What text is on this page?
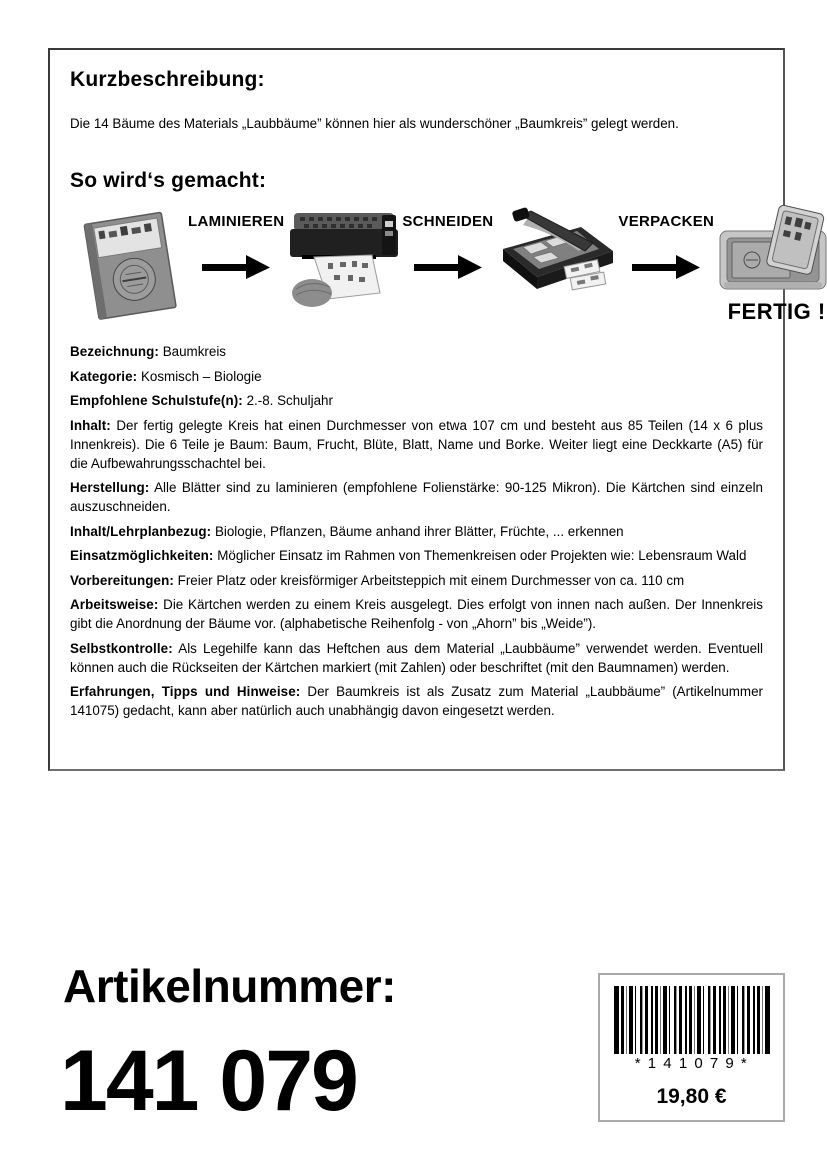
Kurzbeschreibung:

Die 14 Bäume des Materials „Laubbäume” können hier als wunderschöner „Baumkreis” gelegt werden.

So wird‘s gemacht:
LAMINIEREN	SCHNEIDEN	VERPACKEN
FERTIG !

Bezeichnung: Baumkreis

Kategorie: Kosmisch – Biologie

Empfohlene Schulstufe(n): 2.-8. Schuljahr

Inhalt: Der fertig gelegte Kreis hat einen Durchmesser von etwa 107 cm und besteht aus 85 Teilen (14 x 6 plus Innenkreis). Die 6 Teile je Baum: Baum, Frucht, Blüte, Blatt, Name und Borke. Weiter liegt eine Deckkarte (A5) für die Aufbewahrungsschachtel bei.

Herstellung: Alle Blätter sind zu laminieren (empfohlene Folienstärke: 90-125 Mikron). Die Kärtchen sind einzeln auszuschneiden.

Inhalt/Lehrplanbezug: Biologie, Pflanzen, Bäume anhand ihrer Blätter, Früchte, ... erkennen

Einsatzmöglichkeiten: Möglicher Einsatz im Rahmen von Themenkreisen oder Projekten wie: Lebensraum Wald

Vorbereitungen: Freier Platz oder kreisförmiger Arbeitsteppich mit einem Durchmesser von ca. 110 cm

Arbeitsweise: Die Kärtchen werden zu einem Kreis ausgelegt. Dies erfolgt von innen nach außen. Der Innenkreis gibt die Anordnung der Bäume vor. (alphabetische Reihenfolg - von „Ahorn” bis „Weide”).

Selbstkontrolle: Als Legehilfe kann das Heftchen aus dem Material „Laubbäume” verwendet werden. Eventuell können auch die Rückseiten der Kärtchen markiert (mit Zahlen) oder beschriftet (mit den Baumnamen) werden.

Erfahrungen, Tipps und Hinweise: Der Baumkreis ist als Zusatz zum Material „Laubbäume” (Artikelnummer 141075) gedacht, kann aber natürlich auch unabhängig davon eingesetzt werden.

Artikelnummer:
141 079	* 1 4 1 0 7 9 *
19,80 €
